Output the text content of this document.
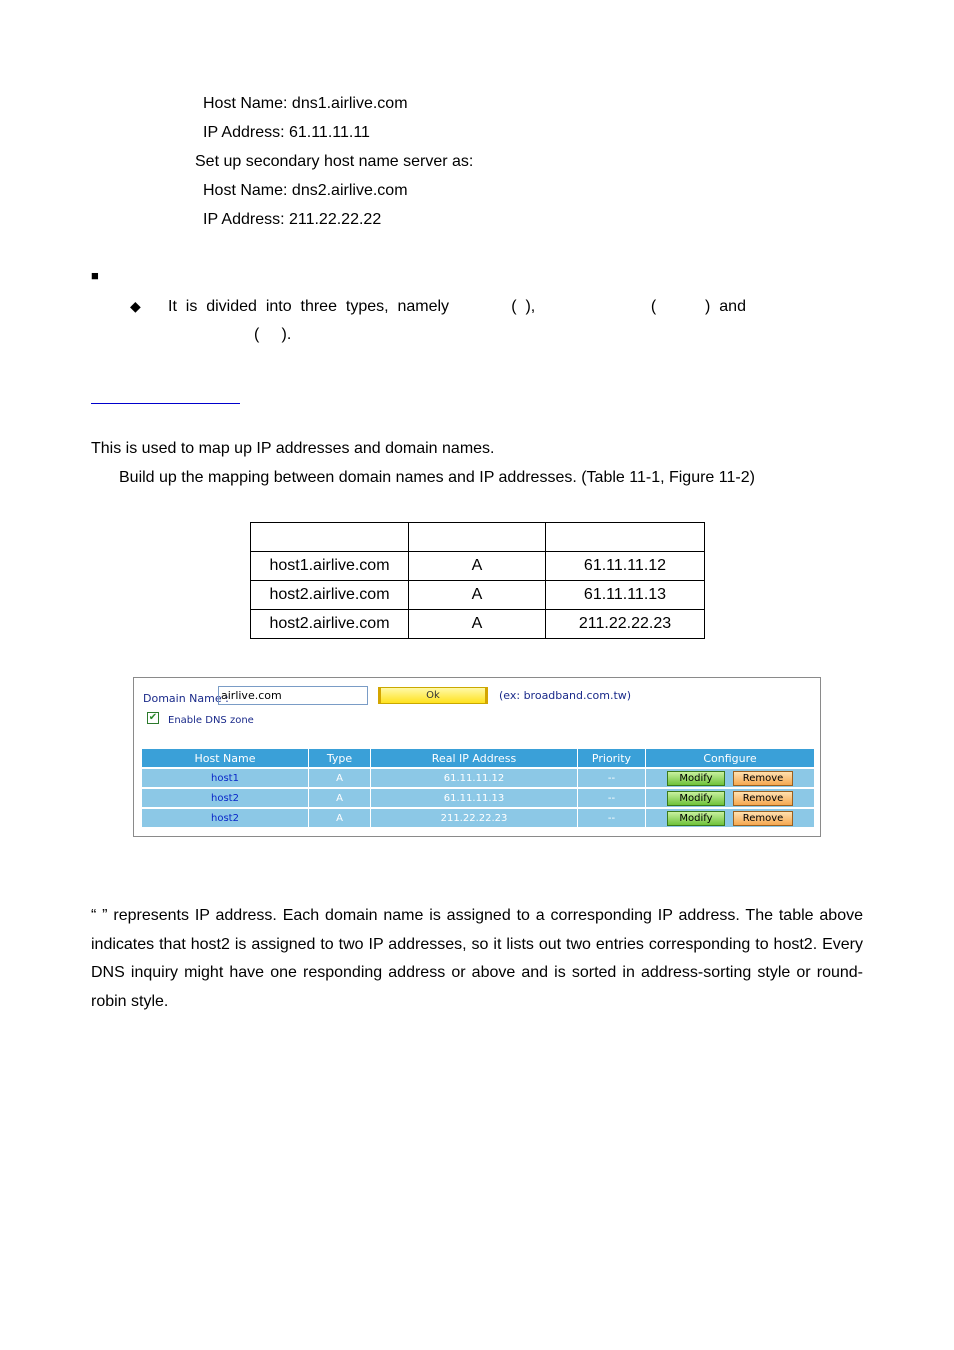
Host Name: dns1.airlive.com
IP Address: 61.11.11.11
Set up secondary host name server as:
Host Name: dns2.airlive.com
IP Address: 211.22.22.22
■
◆ It  is  divided  into  three  types,  namely              (  ),                          (           )  and
(     ).
This is used to map up IP addresses and domain names.
Build up the mapping between domain names and IP addresses. (Table 11-1, Figure 11-2)

host1.airlive.com	A	61.11.11.12
host2.airlive.com	A	61.11.11.13
host2.airlive.com	A	211.22.22.23
Domain Name :
airlive.com	Ok	(ex: broadband.com.tw)
✔ Enable DNS zone
Host Name	Type	Real IP Address	Priority	Configure
host1	A	61.11.11.12	--	Modify Remove
host2	A	61.11.11.13	--	Modify Remove
host2	A	211.22.22.23	--	Modify Remove
“ ” represents IP address. Each domain name is assigned to a corresponding IP address. The table above indicates that host2 is assigned to two IP addresses, so it lists out two entries corresponding to host2. Every DNS inquiry might have one responding address or above and is sorted in address-sorting style or round-robin style.
